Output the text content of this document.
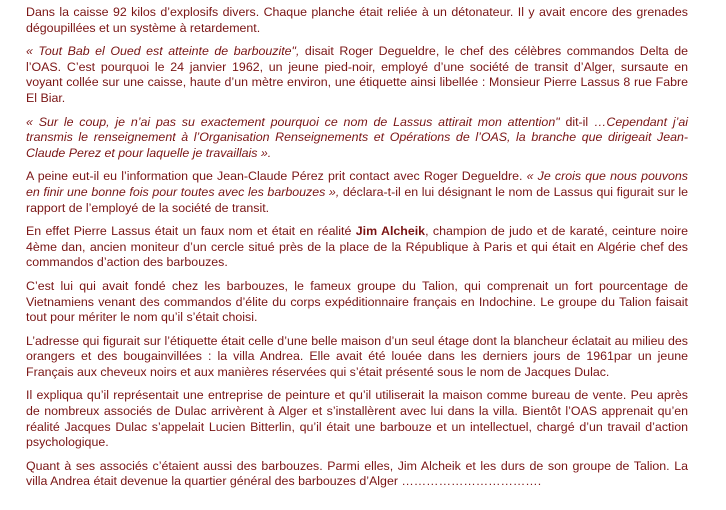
Dans la caisse 92 kilos d’explosifs divers. Chaque planche était reliée à un détonateur. Il y avait encore des grenades dégoupillées et un système à retardement.

« Tout Bab el Oued est atteinte de barbouzite", disait Roger Degueldre, le chef des célèbres commandos Delta de l’OAS. C’est pourquoi le 24 janvier 1962, un jeune pied-noir, employé d’une société de transit d’Alger, sursaute en voyant collée sur une caisse, haute d’un mètre environ, une étiquette ainsi libellée : Monsieur Pierre Lassus 8 rue Fabre El Biar.

« Sur le coup, je n’ai pas su exactement pourquoi ce nom de Lassus attirait mon attention" dit-il …Cependant j’ai transmis le renseignement à l’Organisation Renseignements et Opérations de l’OAS, la branche que dirigeait Jean-Claude Perez et pour laquelle je travaillais ».

A peine eut-il eu l’information que Jean-Claude Pérez prit contact avec Roger Degueldre. « Je crois que nous pouvons en finir une bonne fois pour toutes avec les barbouzes », déclara-t-il en lui désignant le nom de Lassus qui figurait sur le rapport de l’employé de la société de transit.

En effet Pierre Lassus était un faux nom et était en réalité Jim Alcheik, champion de judo et de karaté, ceinture noire 4ème dan, ancien moniteur d’un cercle situé près de la place de la République à Paris et qui était en Algérie chef des commandos d’action des barbouzes.

C’est lui qui avait fondé chez les barbouzes, le fameux groupe du Talion, qui comprenait un fort pourcentage de Vietnamiens venant des commandos d’élite du corps expéditionnaire français en Indochine. Le groupe du Talion faisait tout pour mériter le nom qu’il s’était choisi.

L’adresse qui figurait sur l’étiquette était celle d’une belle maison d’un seul étage dont la blancheur éclatait au milieu des orangers et des bougainvillées : la villa Andrea. Elle avait été louée dans les derniers jours de 1961par un jeune Français aux cheveux noirs et aux manières réservées qui s’était présenté sous le nom de Jacques Dulac.

Il expliqua qu’il représentait une entreprise de peinture et qu’il utiliserait la maison comme bureau de vente. Peu après de nombreux associés de Dulac arrivèrent à Alger et s’installèrent avec lui dans la villa. Bientôt l’OAS apprenait qu’en réalité Jacques Dulac s’appelait Lucien Bitterlin, qu’il était une barbouze et un intellectuel, chargé d’un travail d’action psychologique.

Quant à ses associés c’étaient aussi des barbouzes. Parmi elles, Jim Alcheik et les durs de son groupe de Talion. La villa Andrea était devenue la quartier général des barbouzes d’Alger …………………………….
